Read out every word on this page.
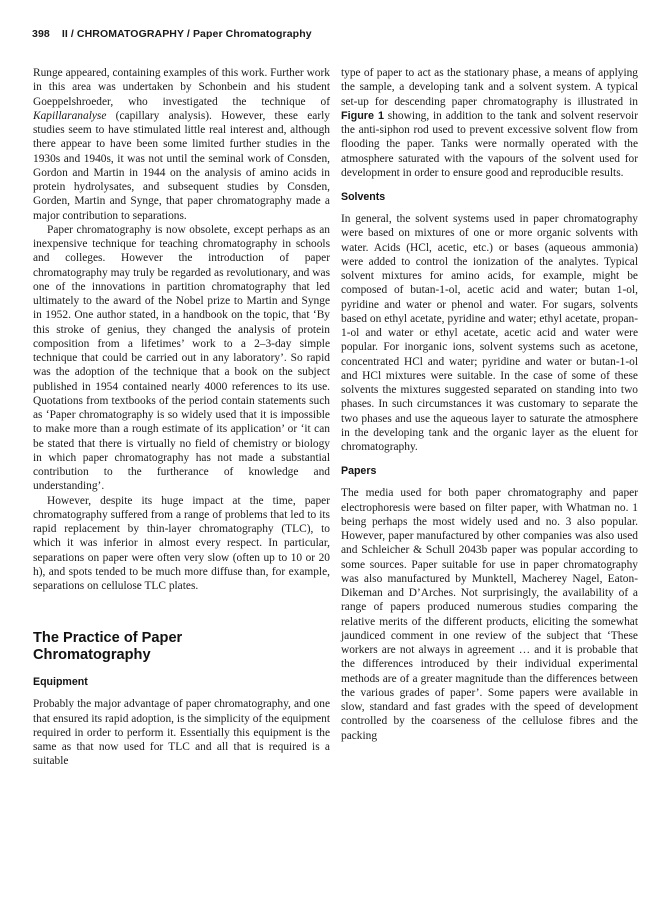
398 II / CHROMATOGRAPHY / Paper Chromatography

Runge appeared, containing examples of this work. Further work in this area was undertaken by Schonbein and his student Goeppelshroeder, who investigated the technique of Kapillaranalyse (capillary analysis). However, these early studies seem to have stimulated little real interest and, although there appear to have been some limited further studies in the 1930s and 1940s, it was not until the seminal work of Consden, Gordon and Martin in 1944 on the analysis of amino acids in protein hydrolysates, and subsequent studies by Consden, Gorden, Martin and Synge, that paper chromatography made a major contribution to separations.

Paper chromatography is now obsolete, except perhaps as an inexpensive technique for teaching chromatography in schools and colleges. However the introduction of paper chromatography may truly be regarded as revolutionary, and was one of the innovations in partition chromatography that led ultimately to the award of the Nobel prize to Martin and Synge in 1952. One author stated, in a handbook on the topic, that ‘By this stroke of genius, they changed the analysis of protein composition from a lifetimes’ work to a 2–3-day simple technique that could be carried out in any laboratory’. So rapid was the adoption of the technique that a book on the subject published in 1954 contained nearly 4000 references to its use. Quotations from textbooks of the period contain statements such as ‘Paper chromatography is so widely used that it is impossible to make more than a rough estimate of its application’ or ‘it can be stated that there is virtually no field of chemistry or biology in which paper chromatography has not made a substantial contribution to the furtherance of knowledge and understanding’.

However, despite its huge impact at the time, paper chromatography suffered from a range of problems that led to its rapid replacement by thin-layer chromatography (TLC), to which it was inferior in almost every respect. In particular, separations on paper were often very slow (often up to 10 or 20 h), and spots tended to be much more diffuse than, for example, separations on cellulose TLC plates.

The Practice of Paper
Chromatography
Equipment

Probably the major advantage of paper chromatography, and one that ensured its rapid adoption, is the simplicity of the equipment required in order to perform it. Essentially this equipment is the same as that now used for TLC and all that is required is a suitable

type of paper to act as the stationary phase, a means of applying the sample, a developing tank and a solvent system. A typical set-up for descending paper chromatography is illustrated in Figure 1 showing, in addition to the tank and solvent reservoir the anti-siphon rod used to prevent excessive solvent flow from flooding the paper. Tanks were normally operated with the atmosphere saturated with the vapours of the solvent used for development in order to ensure good and reproducible results.

Solvents

In general, the solvent systems used in paper chromatography were based on mixtures of one or more organic solvents with water. Acids (HCl, acetic, etc.) or bases (aqueous ammonia) were added to control the ionization of the analytes. Typical solvent mixtures for amino acids, for example, might be composed of butan-1-ol, acetic acid and water; butan 1-ol, pyridine and water or phenol and water. For sugars, solvents based on ethyl acetate, pyridine and water; ethyl acetate, propan-1-ol and water or ethyl acetate, acetic acid and water were popular. For inorganic ions, solvent systems such as acetone, concentrated HCl and water; pyridine and water or butan-1-ol and HCl mixtures were suitable. In the case of some of these solvents the mixtures suggested separated on standing into two phases. In such circumstances it was customary to separate the two phases and use the aqueous layer to saturate the atmosphere in the developing tank and the organic layer as the eluent for chromatography.

Papers

The media used for both paper chromatography and paper electrophoresis were based on filter paper, with Whatman no. 1 being perhaps the most widely used and no. 3 also popular. However, paper manufactured by other companies was also used and Schleicher & Schull 2043b paper was popular according to some sources. Paper suitable for use in paper chromatography was also manufactured by Munktell, Macherey Nagel, Eaton-Dikeman and D’Arches. Not surprisingly, the availability of a range of papers produced numerous studies comparing the relative merits of the different products, eliciting the somewhat jaundiced comment in one review of the subject that ‘These workers are not always in agreement … and it is probable that the differences introduced by their individual experimental methods are of a greater magnitude than the differences between the various grades of paper’. Some papers were available in slow, standard and fast grades with the speed of development controlled by the coarseness of the cellulose fibres and the packing
